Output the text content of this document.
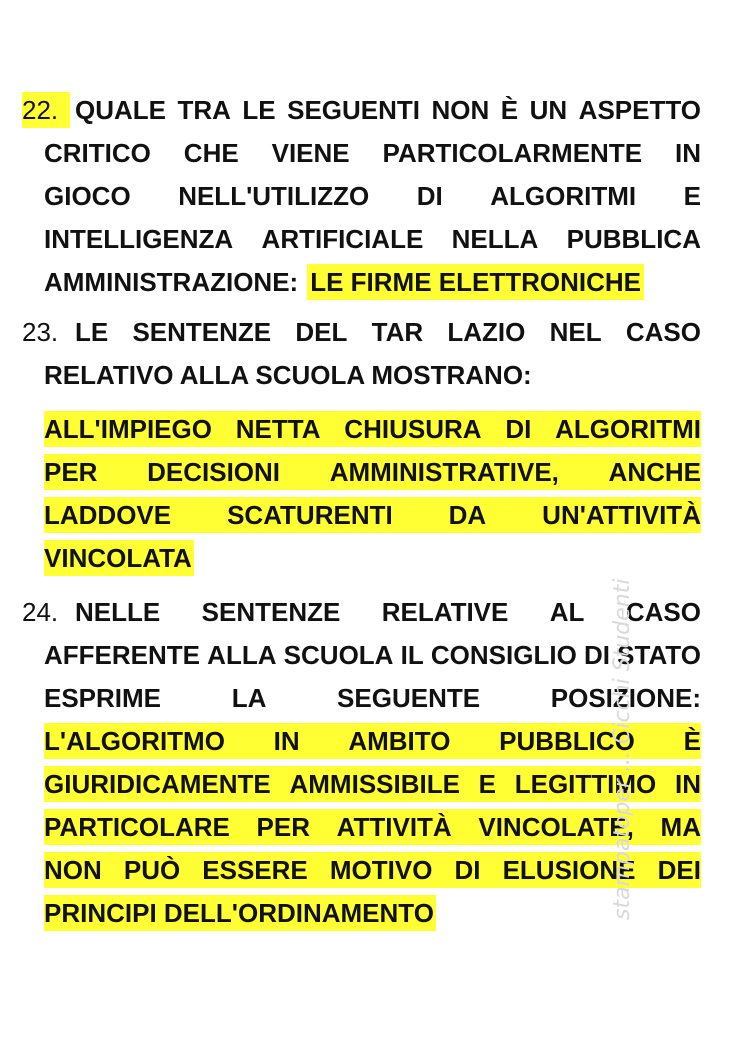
22. QUALE TRA LE SEGUENTI NON È UN ASPETTO
CRITICO CHE VIENE PARTICOLARMENTE IN
GIOCO NELL'UTILIZZO DI ALGORITMI E
INTELLIGENZA ARTIFICIALE NELLA PUBBLICA
AMMINISTRAZIONE: LE FIRME ELETTRONICHE
23. LE SENTENZE DEL TAR LAZIO NEL CASO
RELATIVO ALLA SCUOLA MOSTRANO:
ALL'IMPIEGO NETTA CHIUSURA DI ALGORITMI
PER DECISIONI AMMINISTRATIVE, ANCHE
LADDOVE SCATURENTI DA UN'ATTIVITÀ
VINCOLATA
24. NELLE SENTENZE RELATIVE AL CASO
AFFERENTE ALLA SCUOLA IL CONSIGLIO DI STATO
ESPRIME	LA	SEGUENTE	POSIZIONE:
L'ALGORITMO IN AMBITO PUBBLICO È
GIURIDICAMENTE AMMISSIBILE E LEGITTIMO IN
PARTICOLARE PER ATTIVITÀ VINCOLATE, MA
NON PUÒ ESSERE MOTIVO DI ELUSIONE DEI
PRINCIPI DELL'ORDINAMENTO	stampatoper ... Cicchi Studenti
